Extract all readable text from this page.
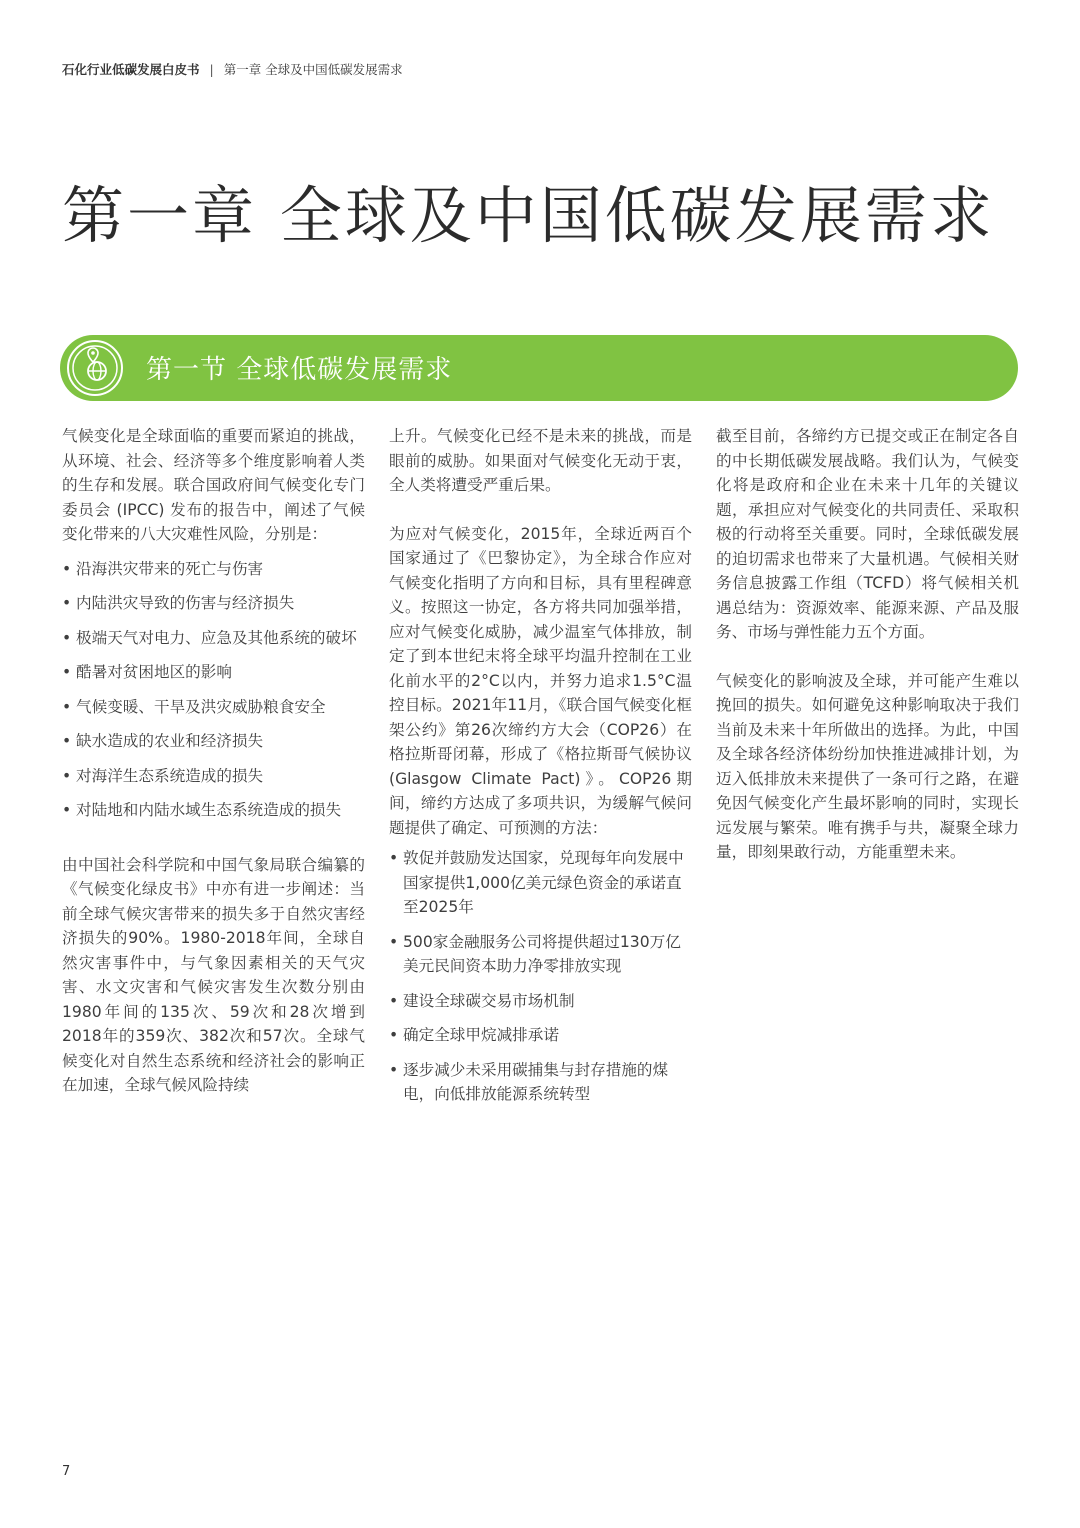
石化行业低碳发展白皮书 | 第一章 全球及中国低碳发展需求
第一章 全球及中国低碳发展需求
第一节 全球低碳发展需求

气候变化是全球面临的重要而紧迫的挑战，从环境、社会、经济等多个维度影响着人类的生存和发展。联合国政府间气候变化专门委员会 (IPCC) 发布的报告中，阐述了气候变化带来的八大灾难性风险，分别是：

• 沿海洪灾带来的死亡与伤害
• 内陆洪灾导致的伤害与经济损失
• 极端天气对电力、应急及其他系统的破坏
• 酷暑对贫困地区的影响
• 气候变暖、干旱及洪灾威胁粮食安全
• 缺水造成的农业和经济损失
• 对海洋生态系统造成的损失
• 对陆地和内陆水域生态系统造成的损失

由中国社会科学院和中国气象局联合编纂的《气候变化绿皮书》中亦有进一步阐述：当前全球气候灾害带来的损失多于自然灾害经济损失的90%。1980-2018年间，全球自然灾害事件中，与气象因素相关的天气灾害、水文灾害和气候灾害发生次数分别由1980年间的135次、59次和28次增到2018年的359次、382次和57次。全球气候变化对自然生态系统和经济社会的影响正在加速，全球气候风险持续

上升。气候变化已经不是未来的挑战，而是眼前的威胁。如果面对气候变化无动于衷，全人类将遭受严重后果。

为应对气候变化，2015年，全球近两百个国家通过了《巴黎协定》，为全球合作应对气候变化指明了方向和目标，具有里程碑意义。按照这一协定，各方将共同加强举措，应对气候变化威胁，减少温室气体排放，制定了到本世纪末将全球平均温升控制在工业化前水平的2°C以内，并努力追求1.5°C温控目标。2021年11月，《联合国气候变化框架公约》第26次缔约方大会（COP26）在格拉斯哥闭幕，形成了《格拉斯哥气候协议 (Glasgow Climate Pact)》。COP26期间，缔约方达成了多项共识，为缓解气候问题提供了确定、可预测的方法：

• 敦促并鼓励发达国家，兑现每年向发展中国家提供1,000亿美元绿色资金的承诺直至2025年
• 500家金融服务公司将提供超过130万亿美元民间资本助力净零排放实现
• 建设全球碳交易市场机制
• 确定全球甲烷减排承诺
• 逐步减少未采用碳捕集与封存措施的煤电，向低排放能源系统转型

截至目前，各缔约方已提交或正在制定各自的中长期低碳发展战略。我们认为，气候变化将是政府和企业在未来十几年的关键议题，承担应对气候变化的共同责任、采取积极的行动将至关重要。同时，全球低碳发展的迫切需求也带来了大量机遇。气候相关财务信息披露工作组（TCFD）将气候相关机遇总结为：资源效率、能源来源、产品及服务、市场与弹性能力五个方面。

气候变化的影响波及全球，并可能产生难以挽回的损失。如何避免这种影响取决于我们当前及未来十年所做出的选择。为此，中国及全球各经济体纷纷加快推进减排计划，为迈入低排放未来提供了一条可行之路，在避免因气候变化产生最坏影响的同时，实现长远发展与繁荣。唯有携手与共，凝聚全球力量，即刻果敢行动，方能重塑未来。

7
